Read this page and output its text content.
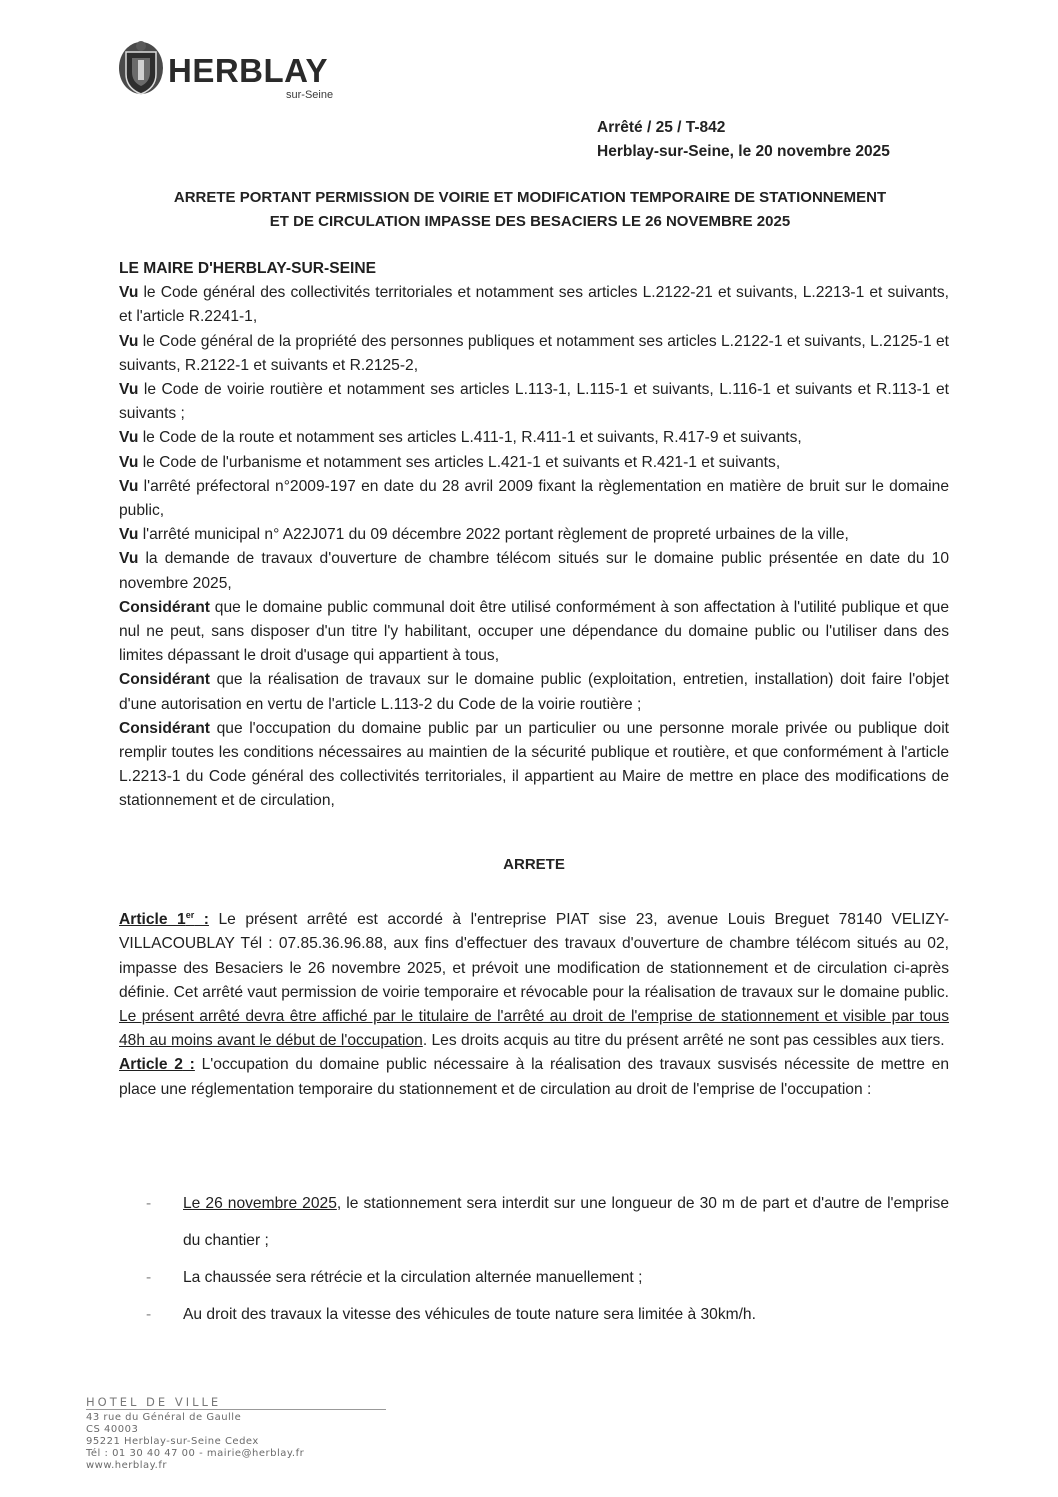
HERBLAY
sur-Seine
Arrêté / 25 / T-842
Herblay-sur-Seine, le 20 novembre 2025
ARRETE PORTANT PERMISSION DE VOIRIE ET MODIFICATION TEMPORAIRE DE STATIONNEMENT
ET DE CIRCULATION IMPASSE DES BESACIERS LE 26 NOVEMBRE 2025

LE MAIRE D'HERBLAY-SUR-SEINE

Vu le Code général des collectivités territoriales et notamment ses articles L.2122-21 et suivants, L.2213-1 et suivants, et l'article R.2241-1,

Vu le Code général de la propriété des personnes publiques et notamment ses articles L.2122-1 et suivants, L.2125-1 et suivants, R.2122-1 et suivants et R.2125-2,

Vu le Code de voirie routière et notamment ses articles L.113-1, L.115-1 et suivants, L.116-1 et suivants et R.113-1 et suivants ;

Vu le Code de la route et notamment ses articles L.411-1, R.411-1 et suivants, R.417-9 et suivants,

Vu le Code de l'urbanisme et notamment ses articles L.421-1 et suivants et R.421-1 et suivants,

Vu l'arrêté préfectoral n°2009-197 en date du 28 avril 2009 fixant la règlementation en matière de bruit sur le domaine public,

Vu l'arrêté municipal n° A22J071 du 09 décembre 2022 portant règlement de propreté urbaines de la ville,

Vu la demande de travaux d'ouverture de chambre télécom situés sur le domaine public présentée en date du 10 novembre 2025,

Considérant que le domaine public communal doit être utilisé conformément à son affectation à l'utilité publique et que nul ne peut, sans disposer d'un titre l'y habilitant, occuper une dépendance du domaine public ou l'utiliser dans des limites dépassant le droit d'usage qui appartient à tous,

Considérant que la réalisation de travaux sur le domaine public (exploitation, entretien, installation) doit faire l'objet d'une autorisation en vertu de l'article L.113-2 du Code de la voirie routière ;

Considérant que l'occupation du domaine public par un particulier ou une personne morale privée ou publique doit remplir toutes les conditions nécessaires au maintien de la sécurité publique et routière, et que conformément à l'article L.2213-1 du Code général des collectivités territoriales, il appartient au Maire de mettre en place des modifications de stationnement et de circulation,

ARRETE

Article 1er : Le présent arrêté est accordé à l'entreprise PIAT sise 23, avenue Louis Breguet 78140 VELIZY-VILLACOUBLAY Tél : 07.85.36.96.88, aux fins d'effectuer des travaux d'ouverture de chambre télécom situés au 02, impasse des Besaciers le 26 novembre 2025, et prévoit une modification de stationnement et de circulation ci-après définie. Cet arrêté vaut permission de voirie temporaire et révocable pour la réalisation de travaux sur le domaine public. Le présent arrêté devra être affiché par le titulaire de l'arrêté au droit de l'emprise de stationnement et visible par tous 48h au moins avant le début de l'occupation. Les droits acquis au titre du présent arrêté ne sont pas cessibles aux tiers.

Article 2 : L'occupation du domaine public nécessaire à la réalisation des travaux susvisés nécessite de mettre en place une réglementation temporaire du stationnement et de circulation au droit de l'emprise de l'occupation :

- Le 26 novembre 2025, le stationnement sera interdit sur une longueur de 30 m de part et d'autre de l'emprise du chantier ;
- La chaussée sera rétrécie et la circulation alternée manuellement ;
- Au droit des travaux la vitesse des véhicules de toute nature sera limitée à 30km/h.
HOTEL DE VILLE
43 rue du Général de Gaulle
CS 40003
95221 Herblay-sur-Seine Cedex
Tél : 01 30 40 47 00 - mairie@herblay.fr
www.herblay.fr
